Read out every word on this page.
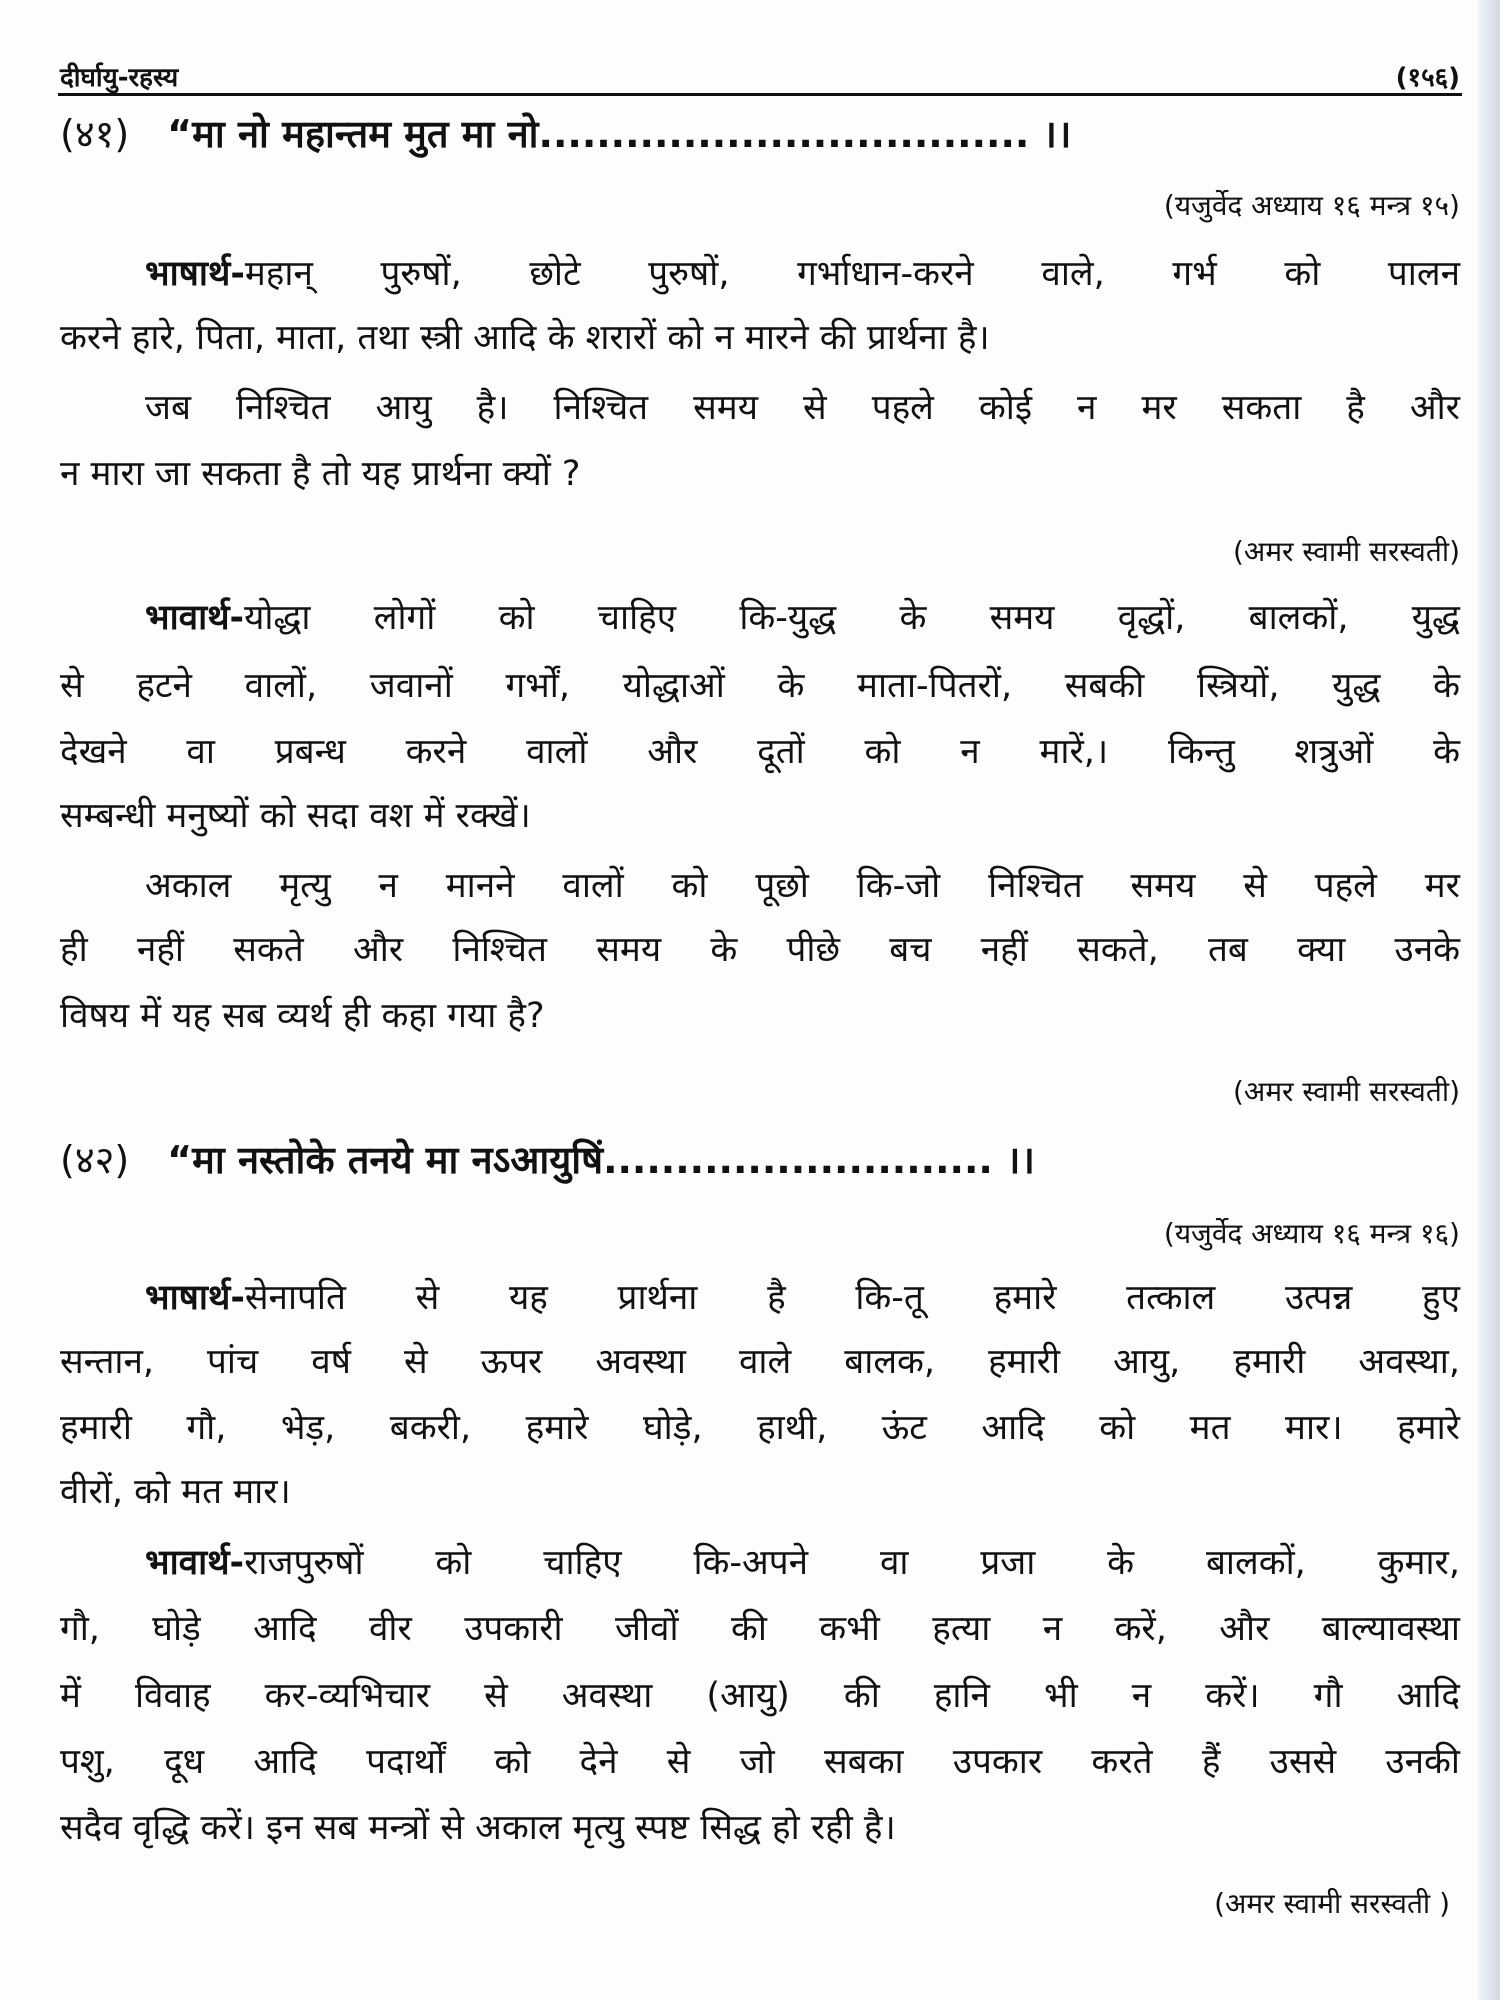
दीर्घायु-रहस्य	(१५६)
(४१) “मा नो महान्तम मुत मा नो.................................. ।।
(यजुर्वेद अध्याय १६ मन्त्र १५)
भाषार्थ-महान् पुरुषों, छोटे पुरुषों, गर्भाधान-करने वाले, गर्भ को पालन
करने हारे, पिता, माता, तथा स्त्री आदि के शरारों को न मारने की प्रार्थना है।
जब निश्चित आयु है। निश्चित समय से पहले कोई न मर सकता है और
न मारा जा सकता है तो यह प्रार्थना क्यों ?
(अमर स्वामी सरस्वती)
भावार्थ-योद्धा लोगों को चाहिए कि-युद्ध के समय वृद्धों, बालकों, युद्ध
से हटने वालों, जवानों गर्भों, योद्धाओं के माता-पितरों, सबकी स्त्रियों, युद्ध के
देखने वा प्रबन्ध करने वालों और दूतों को न मारें,। किन्तु शत्रुओं के
सम्बन्धी मनुष्यों को सदा वश में रक्खें।
अकाल मृत्यु न मानने वालों को पूछो कि-जो निश्चित समय से पहले मर
ही नहीं सकते और निश्चित समय के पीछे बच नहीं सकते, तब क्या उनके
विषय में यह सब व्यर्थ ही कहा गया है?
(अमर स्वामी सरस्वती)
(४२) “मा नस्तोके तनये मा नऽआयुषिं........................... ।।
(यजुर्वेद अध्याय १६ मन्त्र १६)
भाषार्थ-सेनापति से यह प्रार्थना है कि-तू हमारे तत्काल उत्पन्न हुए
सन्तान, पांच वर्ष से ऊपर अवस्था वाले बालक, हमारी आयु, हमारी अवस्था,
हमारी गौ, भेड़, बकरी, हमारे घोड़े, हाथी, ऊंट आदि को मत मार। हमारे
वीरों, को मत मार।
भावार्थ-राजपुरुषों को चाहिए कि-अपने वा प्रजा के बालकों, कुमार,
गौ, घोड़े आदि वीर उपकारी जीवों की कभी हत्या न करें, और बाल्यावस्था
में विवाह कर-व्यभिचार से अवस्था (आयु) की हानि भी न करें। गौ आदि
पशु, दूध आदि पदार्थों को देने से जो सबका उपकार करते हैं उससे उनकी
सदैव वृद्धि करें। इन सब मन्त्रों से अकाल मृत्यु स्पष्ट सिद्ध हो रही है।
(अमर स्वामी सरस्वती )
